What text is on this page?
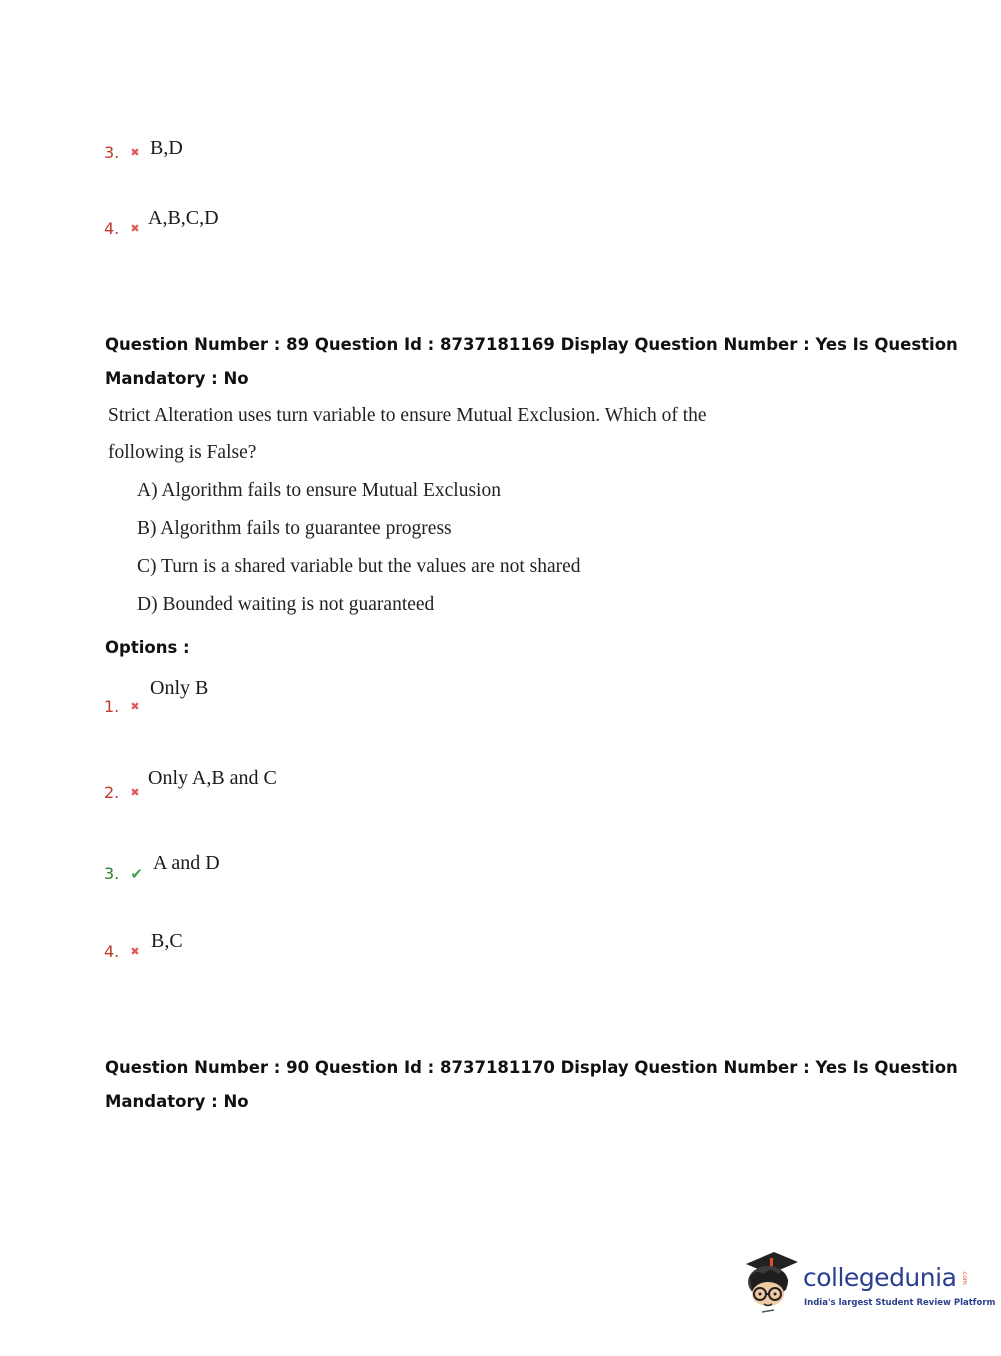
3. ✖ B,D
4. ✖ A,B,C,D
Question Number : 89 Question Id : 8737181169 Display Question Number : Yes Is Question
Mandatory : No
Strict Alteration uses turn variable to ensure Mutual Exclusion. Which of the
following is False?
A) Algorithm fails to ensure Mutual Exclusion
B) Algorithm fails to guarantee progress
C) Turn is a shared variable but the values are not shared
D) Bounded waiting is not guaranteed
Options :
1. ✖
Only B
2. ✖
Only A,B and C
3. ✔ A and D
4. ✖ B,C
Question Number : 90 Question Id : 8737181170 Display Question Number : Yes Is Question
Mandatory : No
collegedunia .com
India's largest Student Review Platform
